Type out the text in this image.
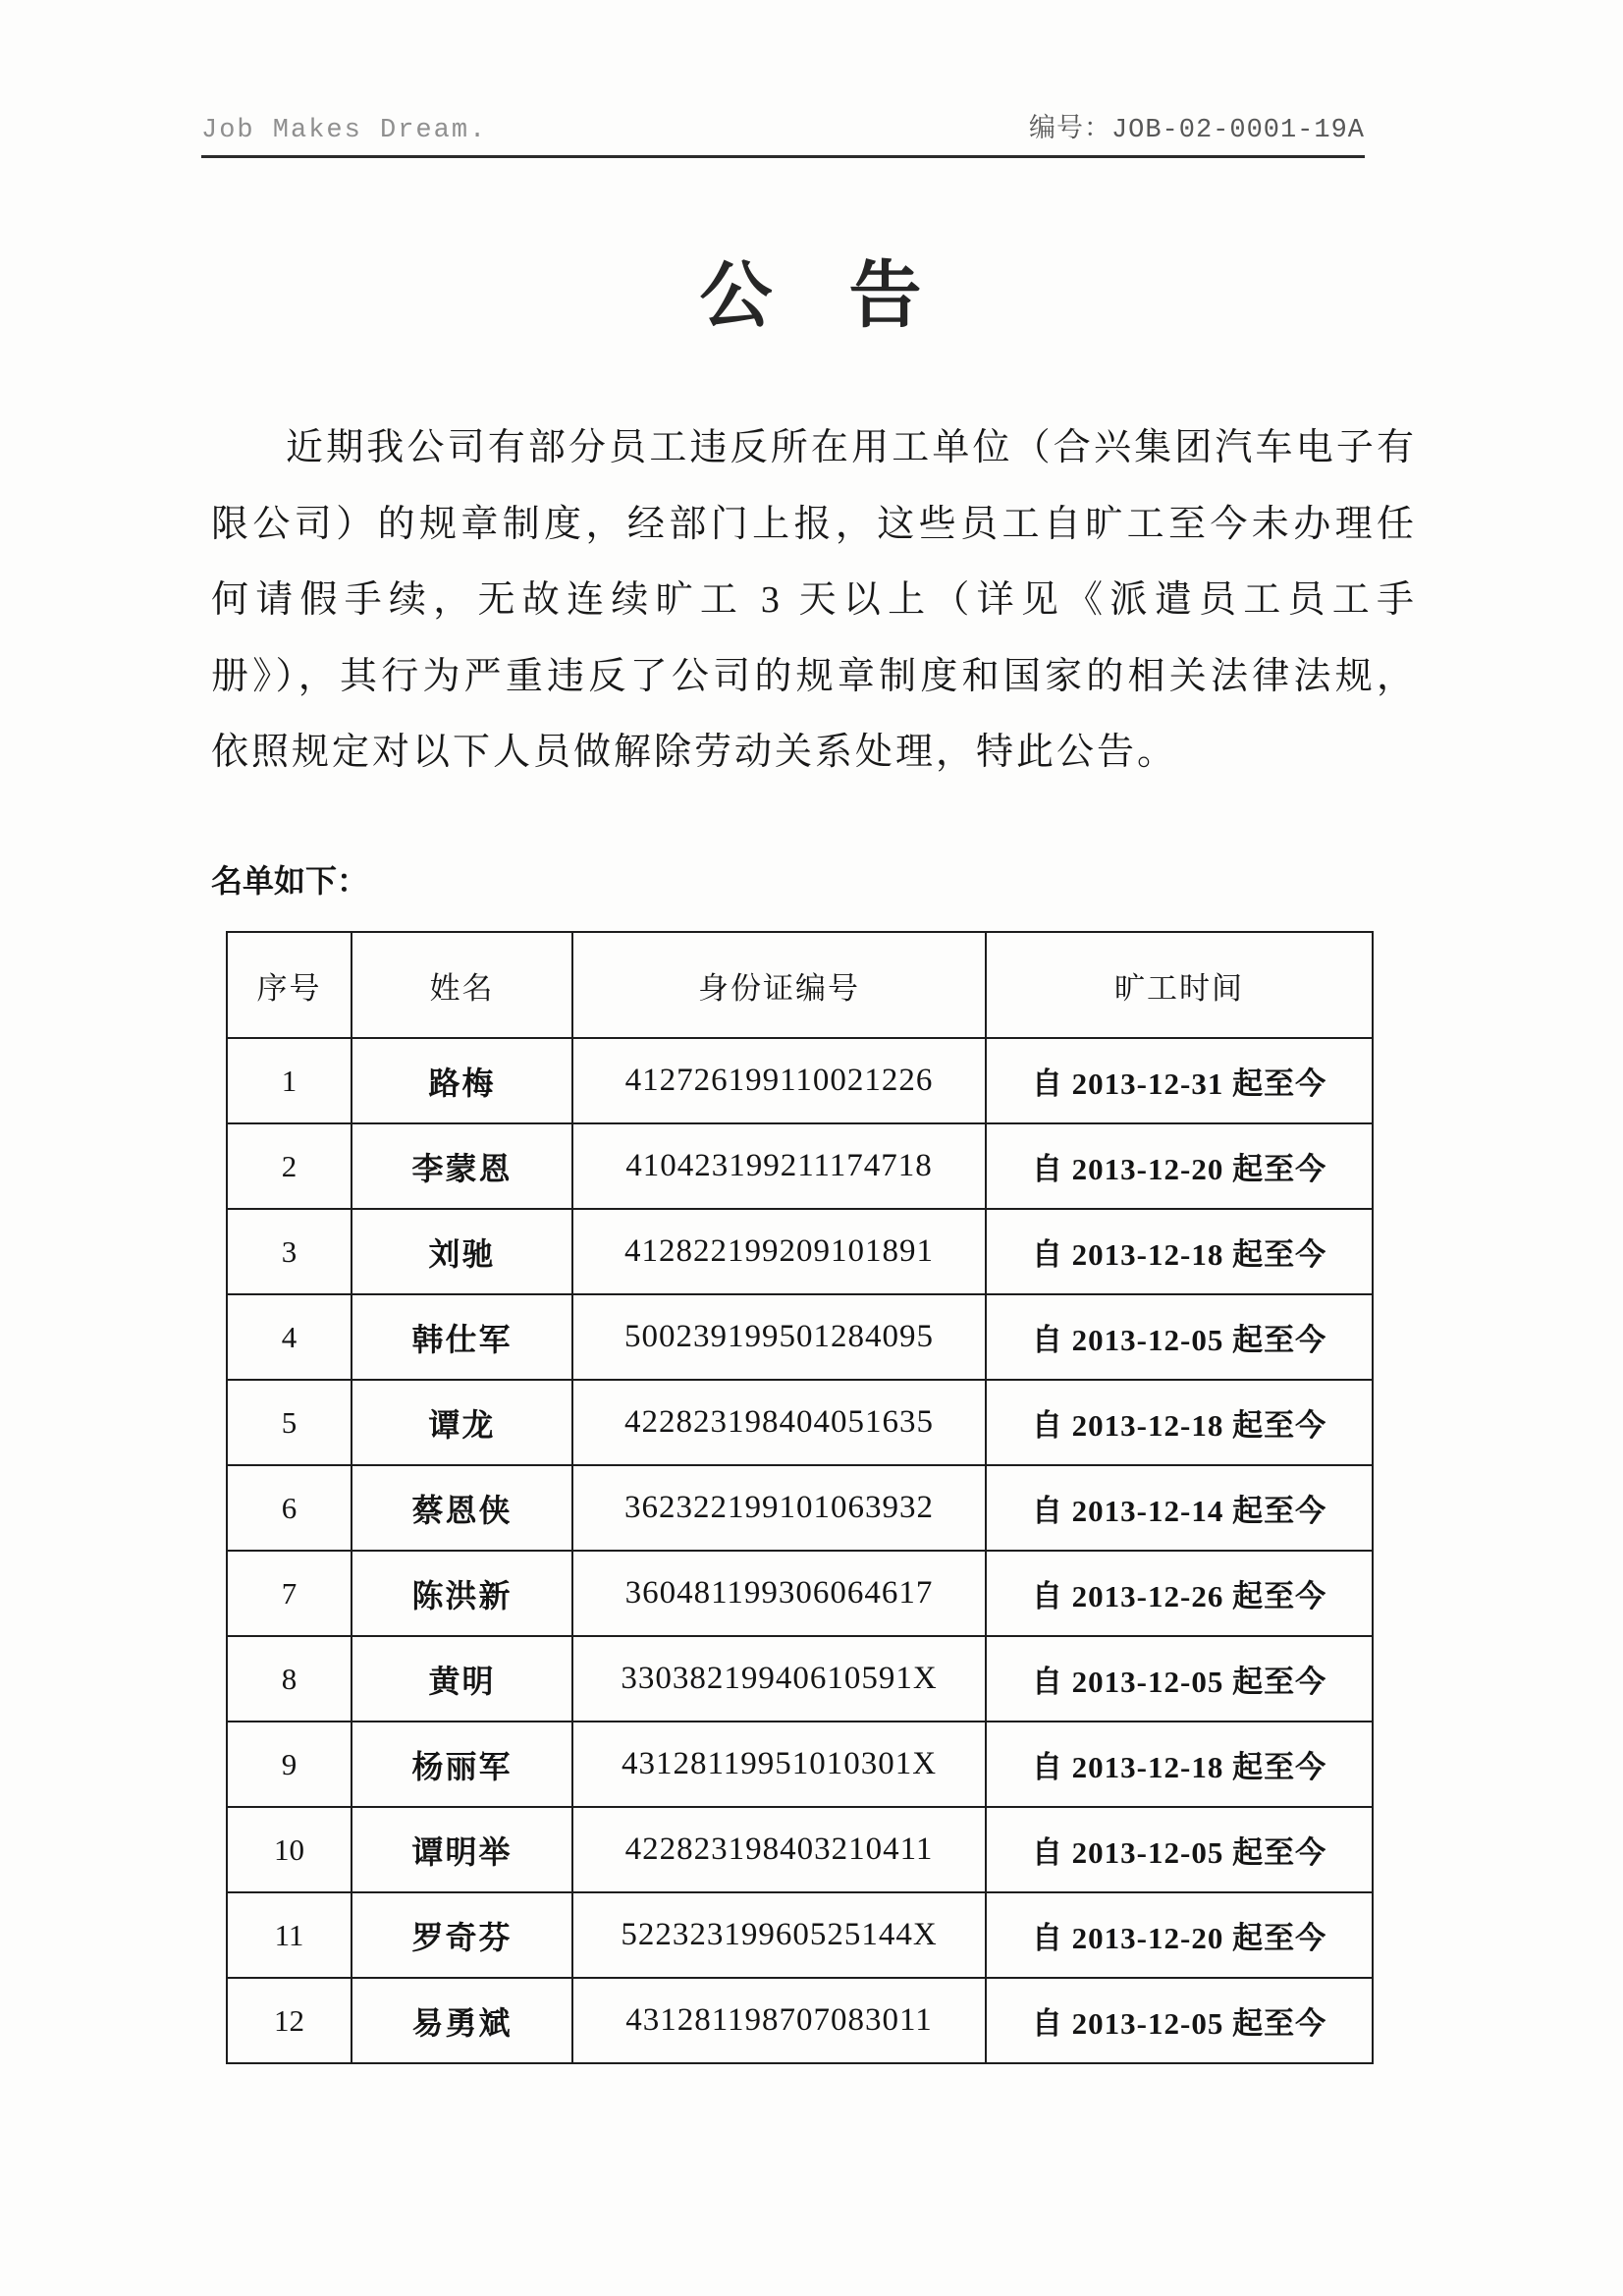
Job Makes Dream.	编号：JOB-02-0001-19A
公　告

近期我公司有部分员工违反所在用工单位（合兴集团汽车电子有限公司）的规章制度，经部门上报，这些员工自旷工至今未办理任何请假手续，无故连续旷工 3 天以上（详见《派遣员工员工手册》），其行为严重违反了公司的规章制度和国家的相关法律法规，依照规定对以下人员做解除劳动关系处理，特此公告。

名单如下：
序号	姓名	身份证编号	旷工时间
1	路梅	412726199110021226	自 2013-12-31 起至今
2	李蒙恩	410423199211174718	自 2013-12-20 起至今
3	刘驰	412822199209101891	自 2013-12-18 起至今
4	韩仕军	500239199501284095	自 2013-12-05 起至今
5	谭龙	422823198404051635	自 2013-12-18 起至今
6	蔡恩侠	362322199101063932	自 2013-12-14 起至今
7	陈洪新	360481199306064617	自 2013-12-26 起至今
8	黄明	33038219940610591X	自 2013-12-05 起至今
9	杨丽军	43128119951010301X	自 2013-12-18 起至今
10	谭明举	422823198403210411	自 2013-12-05 起至今
11	罗奇芬	52232319960525144X	自 2013-12-20 起至今
12	易勇斌	431281198707083011	自 2013-12-05 起至今
